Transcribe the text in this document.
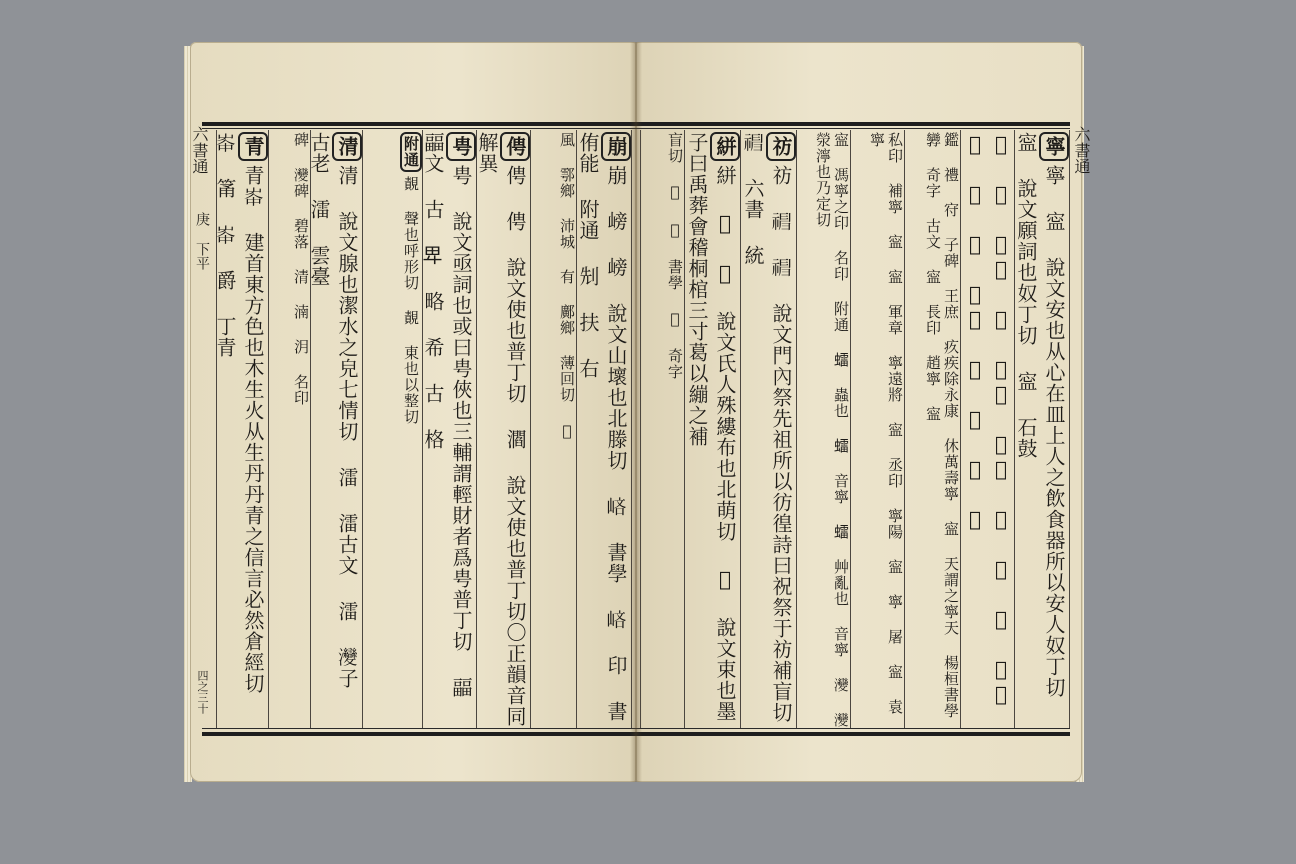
六書通
庚 下平
四之三十
青青𡴑 建首東方色也木生火从生丹丹青之信言必然倉經切 𡴑 筩 𡴑 爵 丁青	碑 𤅶碑 碧落 清 湳 㳉 名印	清清 說文腺也潔水之皃七情切 㵢 㵢古文 㵢 𤅶子 古老 㵢 雲臺	附通䚍 聲也呼形切 䚍 東也以整切
甹甹 說文亟詞也或曰甹俠也三輔謂輕財者爲甹普丁切 㽬 㽬文 古 𤰞 略 希 古 格	俜俜 俜 說文使也普丁切 㶄 說文使也普丁切〇正韻音同解異	風 鄠鄉 沛城 有 鄺鄉 薄回切 𡈖	崩崩 嵭 嵭 說文山壞也北滕切 𡶱 書學 𡶱 印 書 侑能 附通 𠜎 扶 右	六書通
盲切 𦁺 𦁺 書學 𦁺 奇字	絣絣 𦁺 𦁺 說文氏人殊縷布也北萌切 𦁺 說文束也墨子曰禹葬會稽桐棺三寸葛以繃之補	祊祊 𥛃 𥛃 說文門內祭先祖所以彷徨詩曰祝祭于祊補盲切 𥛃 六書 統	寍 馮寧之印 名印 附通 𧒽 蟲也 𧒽 音寧 𧒽 艸亂也 音寧 𤅶 𤅶 滎濘也乃定切	私印 補寧 寍 寍 軍章 寧遠將 寍 丞印 寧陽 寍 寧 屠 寍 袁 寧	鑑 禮 𡧛 子碑 王庶 疚疾除永康 休萬壽寧 寍 天謂之寧天 楊桓書學 㝈 奇字 古文 寍 長印 趙寧 寍	𡨝 𡨝 古文 𡨝 比干 銅槃 文 𡨝 𡨝 古老 子 𡨝 經 黃庭 𡨝 冊 𡨝 漢	寧寧 寍 說文安也从心在皿上人之飲食器所以安人奴丁切 寍 說文願詞也奴丁切 寍 石鼓
